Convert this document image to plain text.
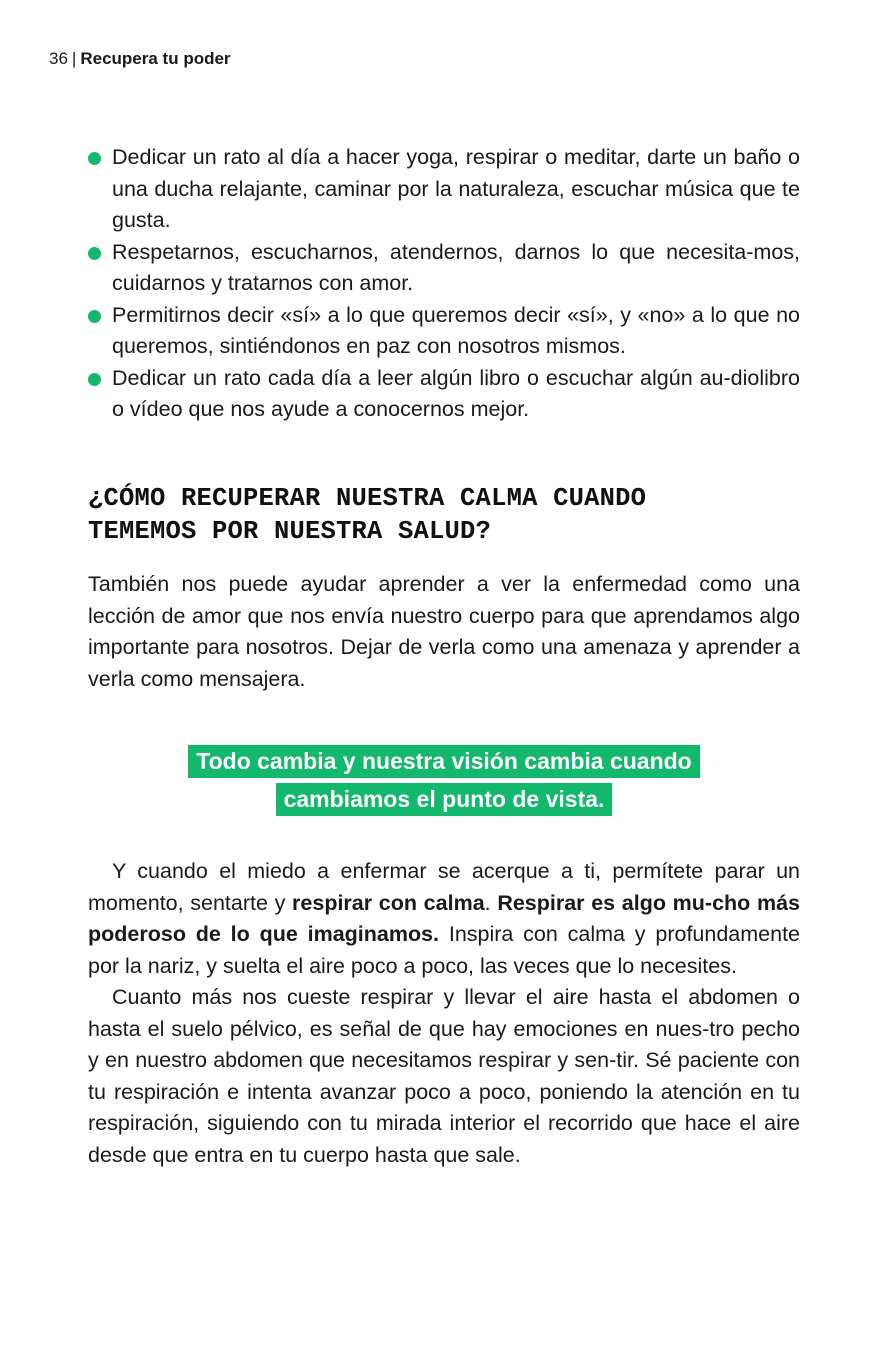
36 | Recupera tu poder
Dedicar un rato al día a hacer yoga, respirar o meditar, darte un baño o una ducha relajante, caminar por la naturaleza, escuchar música que te gusta.
Respetarnos, escucharnos, atendernos, darnos lo que necesita-mos, cuidarnos y tratarnos con amor.
Permitirnos decir «sí» a lo que queremos decir «sí», y «no» a lo que no queremos, sintiéndonos en paz con nosotros mismos.
Dedicar un rato cada día a leer algún libro o escuchar algún au-diolibro o vídeo que nos ayude a conocernos mejor.
¿CÓMO RECUPERAR NUESTRA CALMA CUANDO
TEMEMOS POR NUESTRA SALUD?

También nos puede ayudar aprender a ver la enfermedad como una lección de amor que nos envía nuestro cuerpo para que aprendamos algo importante para nosotros. Dejar de verla como una amenaza y aprender a verla como mensajera.

Todo cambia y nuestra visión cambia cuando
cambiamos el punto de vista.

Y cuando el miedo a enfermar se acerque a ti, permítete parar un momento, sentarte y respirar con calma. Respirar es algo mu-cho más poderoso de lo que imaginamos. Inspira con calma y profundamente por la nariz, y suelta el aire poco a poco, las veces que lo necesites.

Cuanto más nos cueste respirar y llevar el aire hasta el abdomen o hasta el suelo pélvico, es señal de que hay emociones en nues-tro pecho y en nuestro abdomen que necesitamos respirar y sen-tir. Sé paciente con tu respiración e intenta avanzar poco a poco, poniendo la atención en tu respiración, siguiendo con tu mirada interior el recorrido que hace el aire desde que entra en tu cuerpo hasta que sale.
